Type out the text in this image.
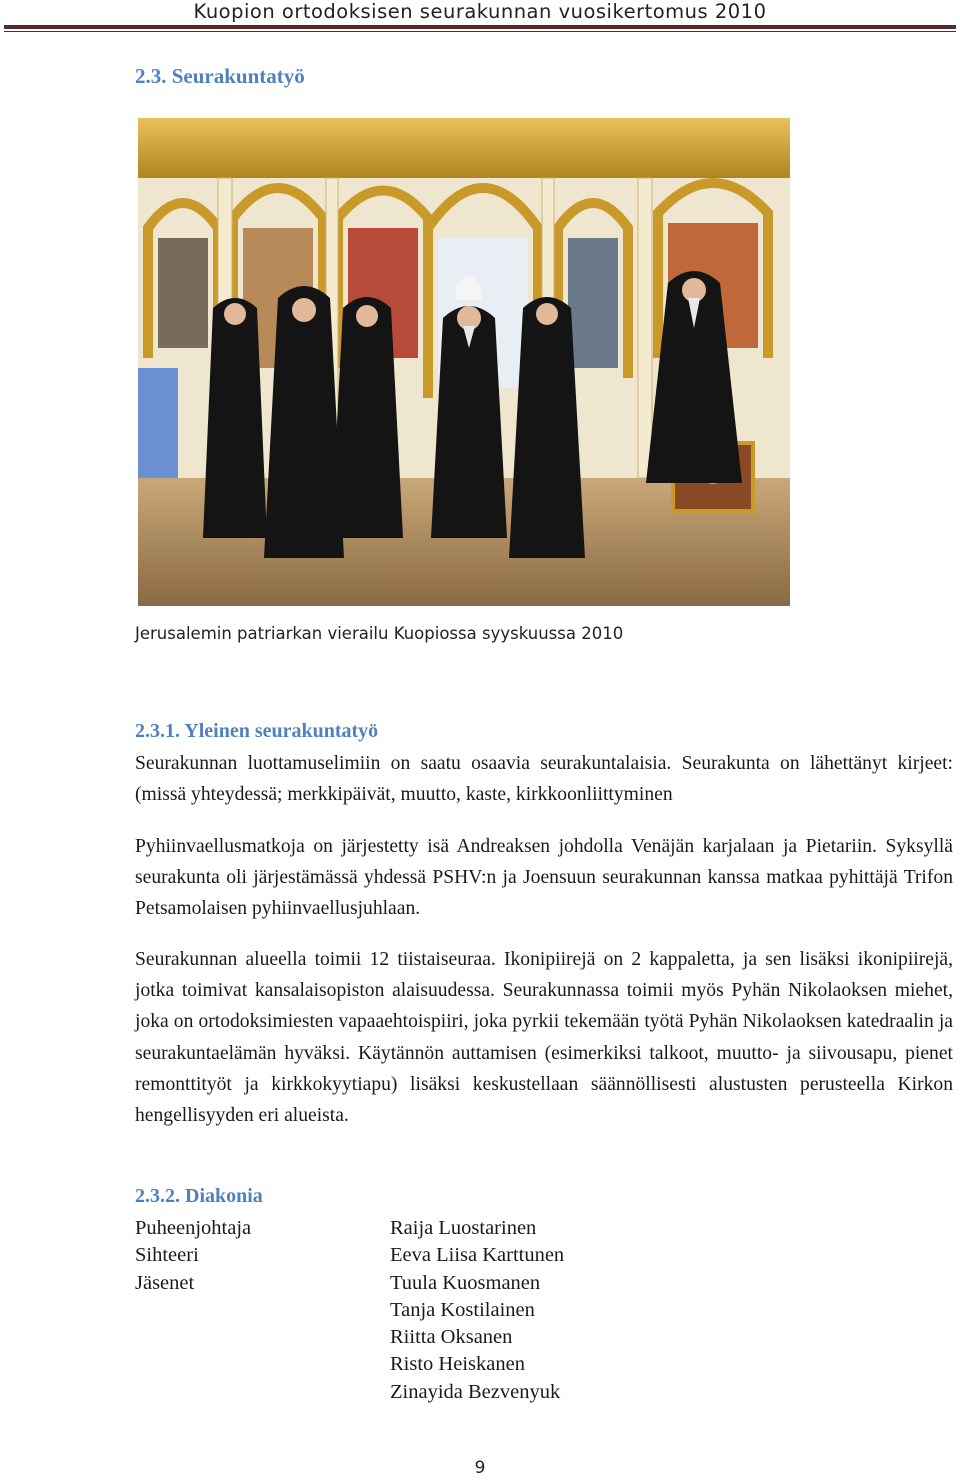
Kuopion ortodoksisen seurakunnan vuosikertomus 2010
2.3. Seurakuntatyö
Jerusalemin patriarkan vierailu Kuopiossa syyskuussa 2010
2.3.1. Yleinen seurakuntatyö

Seurakunnan luottamuselimiin on saatu osaavia seurakuntalaisia. Seurakunta on lähettänyt kirjeet: (missä yhteydessä; merkkipäivät, muutto, kaste, kirkkoonliittyminen

Pyhiinvaellusmatkoja on järjestetty isä Andreaksen johdolla Venäjän karjalaan ja Pietariin. Syksyllä seurakunta oli järjestämässä yhdessä PSHV:n ja Joensuun seurakunnan kanssa matkaa pyhittäjä Trifon Petsamolaisen pyhiinvaellusjuhlaan.

Seurakunnan alueella toimii 12 tiistaiseuraa. Ikonipiirejä on 2 kappaletta, ja sen lisäksi ikonipiirejä, jotka toimivat kansalaisopiston alaisuudessa. Seurakunnassa toimii myös Pyhän Nikolaoksen miehet, joka on ortodoksimiesten vapaaehtoispiiri, joka pyrkii tekemään työtä Pyhän Nikolaoksen katedraalin ja seurakuntaelämän hyväksi. Käytännön auttamisen (esimerkiksi talkoot, muutto- ja siivousapu, pienet remonttityöt ja kirkkokyytiapu) lisäksi keskustellaan säännöllisesti alustusten perusteella Kirkon hengellisyyden eri alueista.

2.3.2. Diakonia
Puheenjohtaja
Sihteeri
Jäsenet
Raija Luostarinen
Eeva Liisa Karttunen
Tuula Kuosmanen
Tanja Kostilainen
Riitta Oksanen
Risto Heiskanen
Zinayida Bezvenyuk
9
